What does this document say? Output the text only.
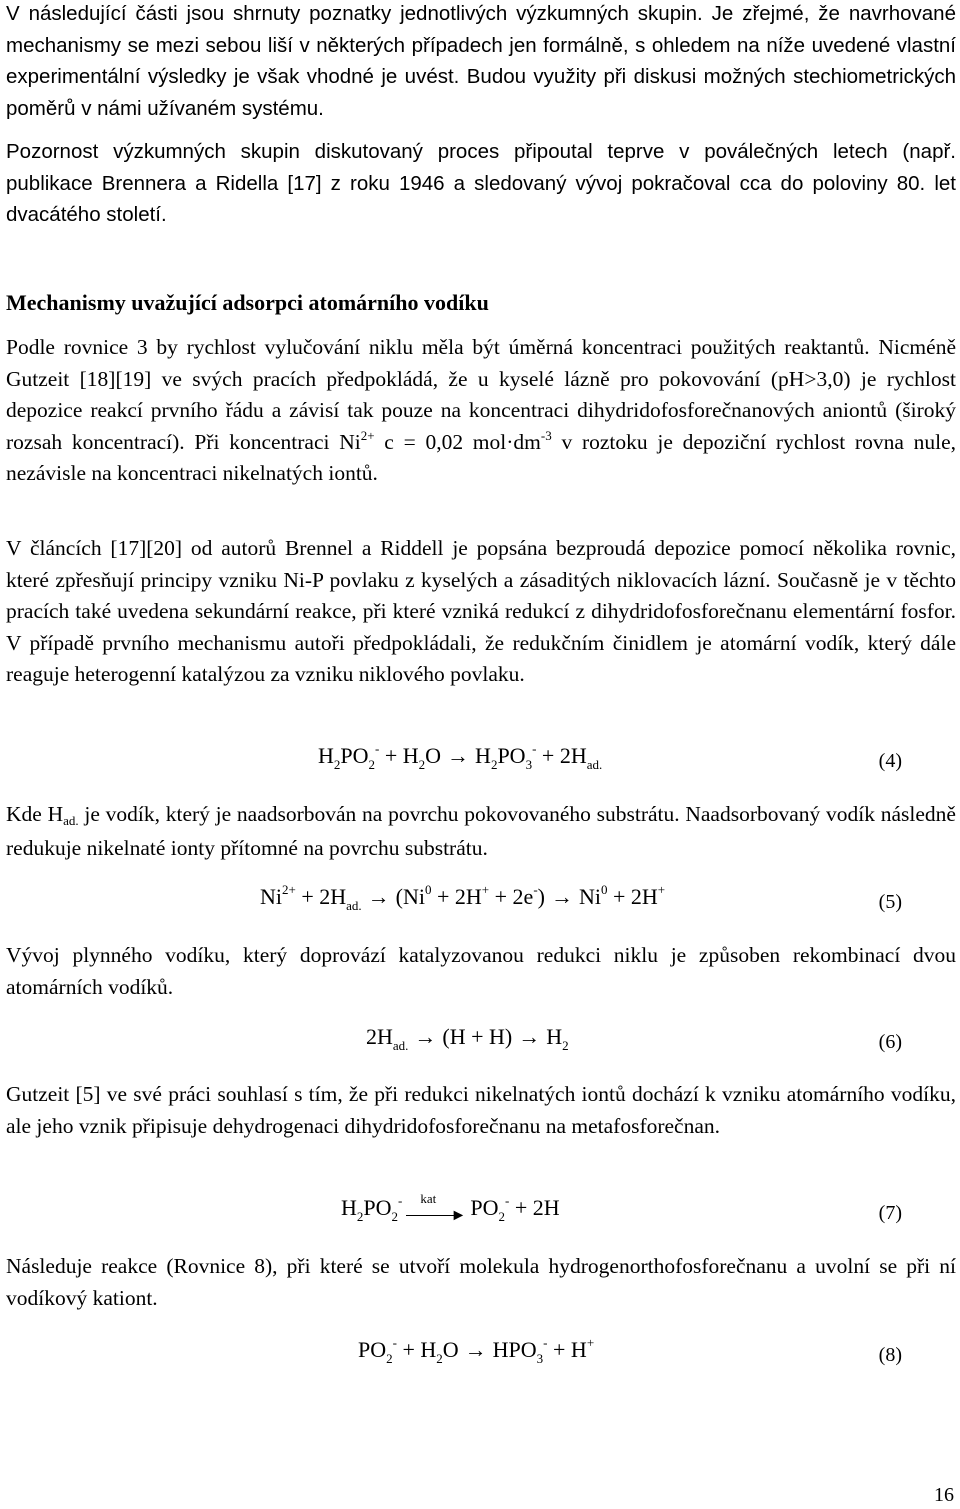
V následující části jsou shrnuty poznatky jednotlivých výzkumných skupin. Je zřejmé, že navrhované mechanismy se mezi sebou liší v některých případech jen formálně, s ohledem na níže uvedené vlastní experimentální výsledky je však vhodné je uvést. Budou využity při diskusi možných stechiometrických poměrů v námi užívaném systému.

Pozornost výzkumných skupin diskutovaný proces připoutal teprve v poválečných letech (např. publikace Brennera a Ridella [17] z roku 1946 a sledovaný vývoj pokračoval cca do poloviny 80. let dvacátého století.

Mechanismy uvažující adsorpci atomárního vodíku

Podle rovnice 3 by rychlost vylučování niklu měla být úměrná koncentraci použitých reaktantů. Nicméně Gutzeit [18][19] ve svých pracích předpokládá, že u kyselé lázně pro pokovování (pH>3,0) je rychlost depozice reakcí prvního řádu a závisí tak pouze na koncentraci dihydridofosforečnanových aniontů (široký rozsah koncentrací). Při koncentraci $Ni^{2+}$ c = 0,02 $mol\cdot dm^{-3}$ v roztoku je depoziční rychlost rovna nule, nezávisle na koncentraci nikelnatých iontů.

V článcích [17][20] od autorů Brennel a Riddell je popsána bezproudá depozice pomocí několika rovnic, které zpřesňují principy vzniku Ni-P povlaku z kyselých a zásaditých niklovacích lázní. Současně je v těchto pracích také uvedena sekundární reakce, při které vzniká redukcí z dihydridofosforečnanu elementární fosfor. V případě prvního mechanismu autoři předpokládali, že redukčním činidlem je atomární vodík, který dále reaguje heterogenní katalýzou za vzniku niklového povlaku.

$H_2PO_2^- + H_2O \to H_2PO_3^- + 2H_{ad.}$	(4)

Kde Had. je vodík, který je naadsorbován na povrchu pokovovaného substrátu. Naadsorbovaný vodík následně redukuje nikelnaté ionty přítomné na povrchu substrátu.

$Ni^{2+} + 2H_{ad.} \to (Ni^0 + 2H^+ + 2e^-) \to Ni^0 + 2H^+$
(5)

Vývoj plynného vodíku, který doprovází katalyzovanou redukci niklu je způsoben rekombinací dvou atomárních vodíků.

$2H_{ad.} \to (H + H) \to H_2$	(6)

Gutzeit [5] ve své práci souhlasí s tím, že při redukci nikelnatých iontů dochází k vzniku atomárního vodíku, ale jeho vznik připisuje dehydrogenaci dihydridofosforečnanu na metafosforečnan.

$H_2PO_2^-$
►
kat $PO_2^- + 2H$	(7)

Následuje reakce (Rovnice 8), při které se utvoří molekula hydrogenorthofosforečnanu a uvolní se při ní vodíkový kationt.

$PO_2^- + H_2O \to HPO_3^- + H^+$
(8)
16
